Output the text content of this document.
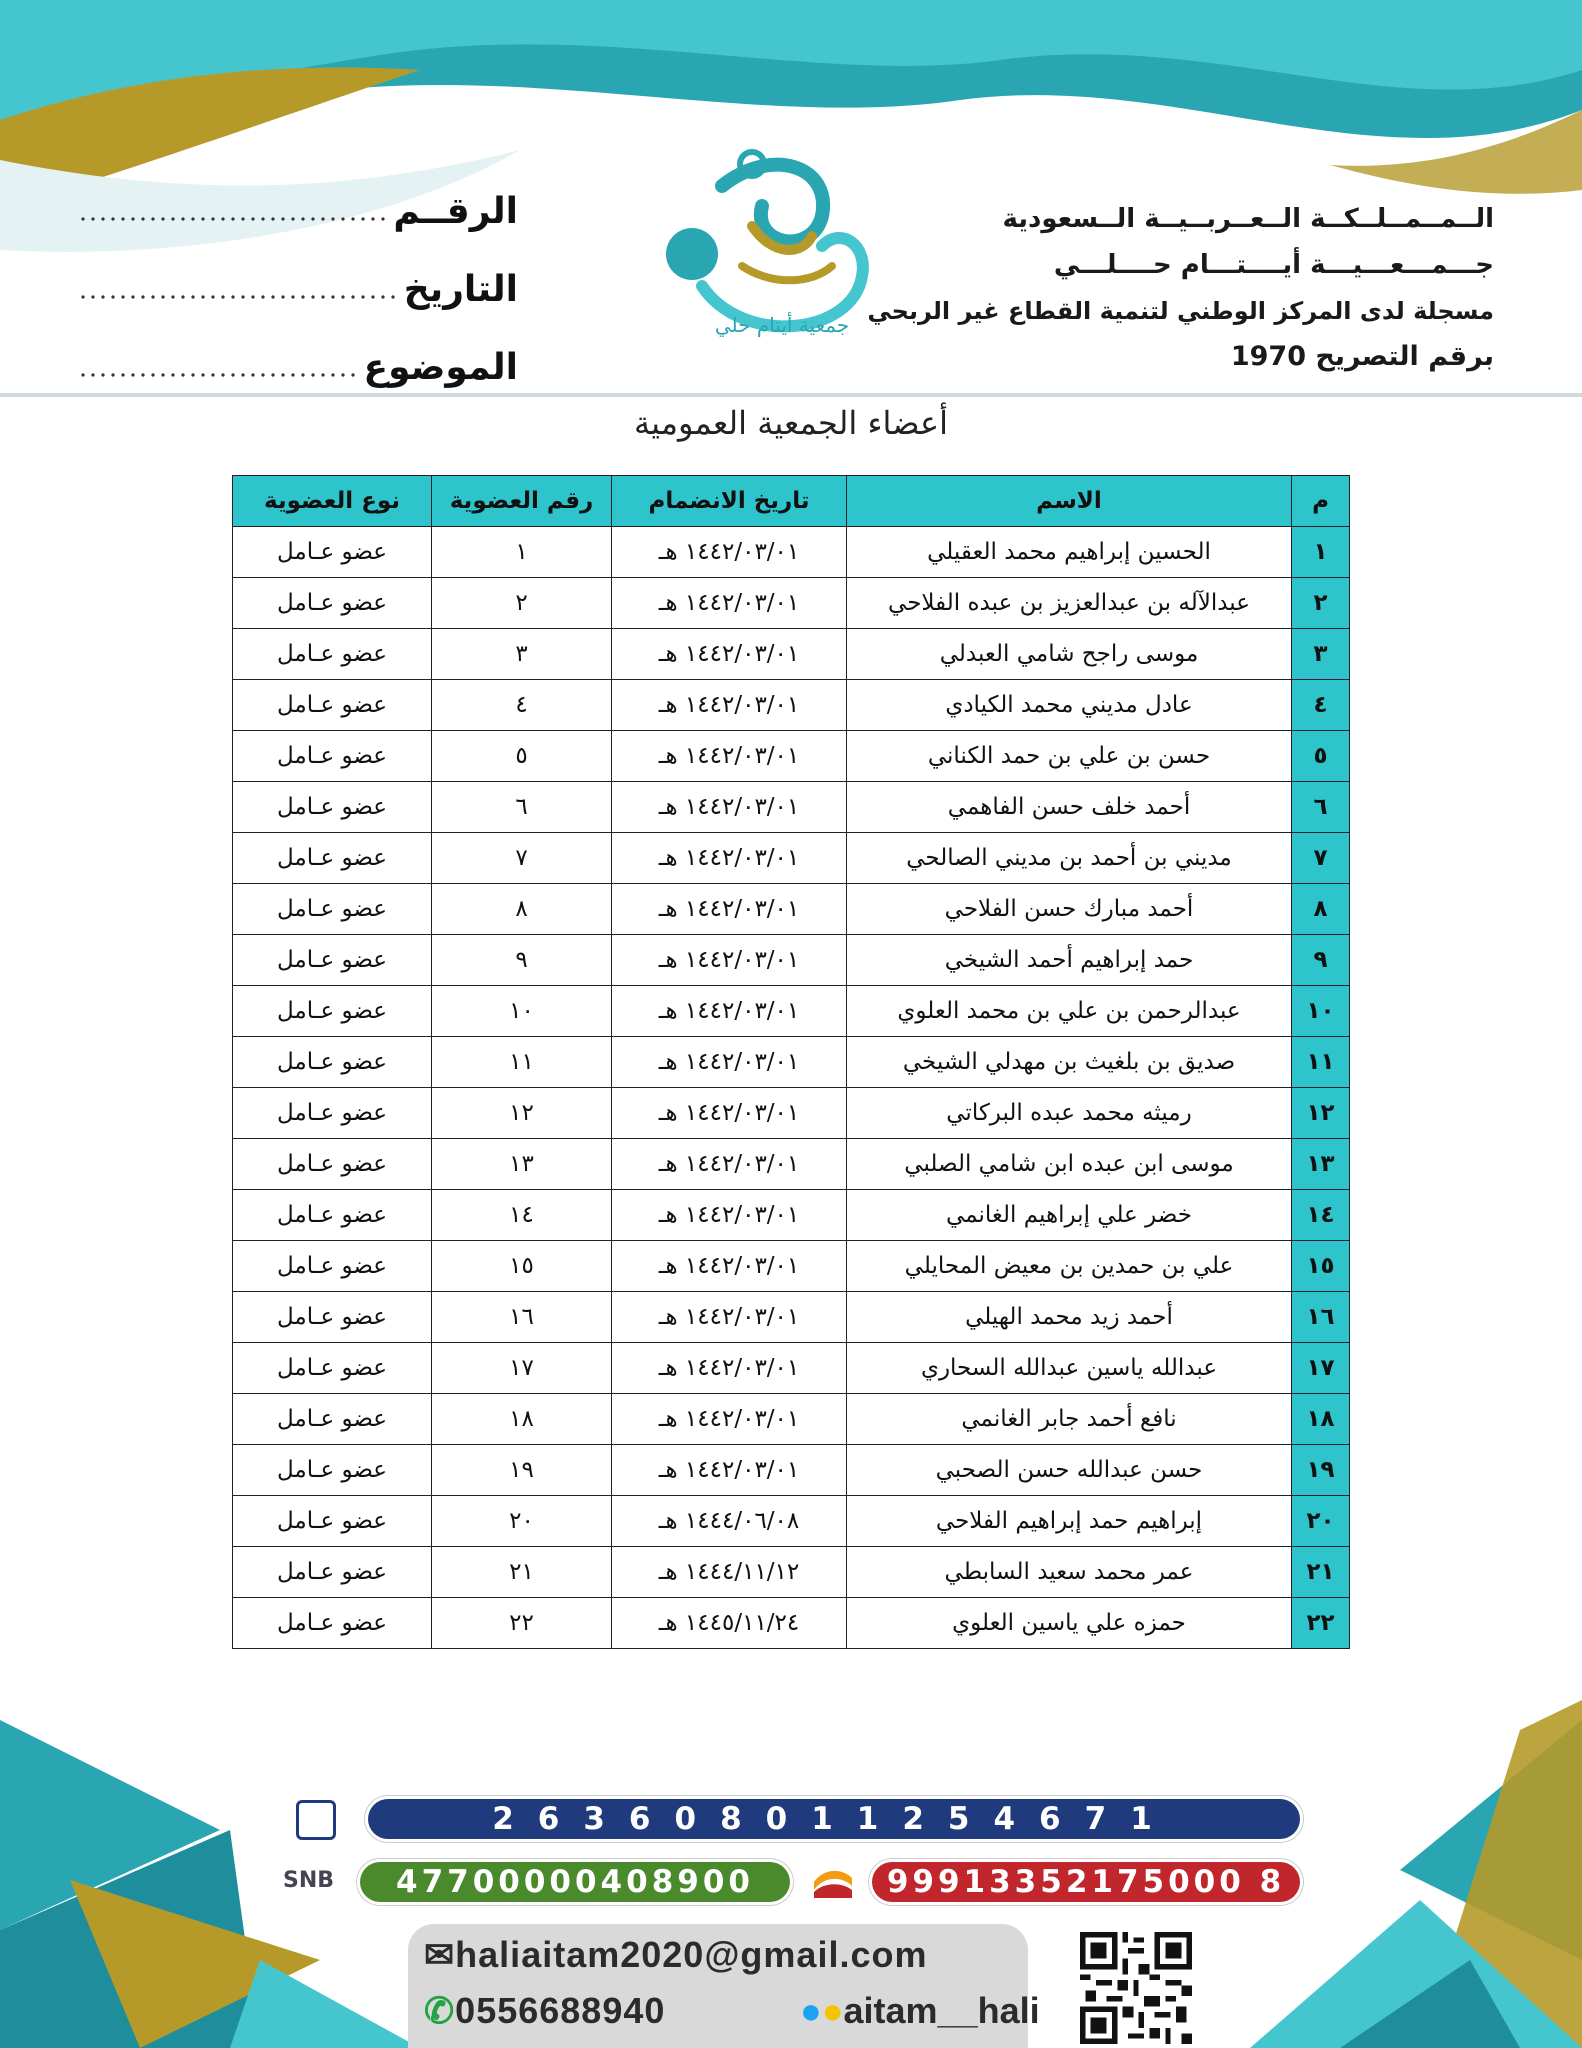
الــمــمــلــكــة الــعــربــيــة الــسعودية
جـــمـــعـــيـــة أيــــتـــام حــــلـــي
مسجلة لدى المركز الوطني لتنمية القطاع غير الربحي
برقم التصريح 1970
جمعية أيتام حلي
الرقــم
التاريخ
الموضوع
أعضاء الجمعية العمومية
م	الاسم	تاريخ الانضمام	رقم العضوية	نوع العضوية
١	الحسين إبراهيم محمد العقيلي	١٤٤٢/٠٣/٠١ هـ	١	عضو عـامل
٢	عبدالآله بن عبدالعزيز بن عبده الفلاحي	١٤٤٢/٠٣/٠١ هـ	٢	عضو عـامل
٣	موسى راجح شامي العبدلي	١٤٤٢/٠٣/٠١ هـ	٣	عضو عـامل
٤	عادل مديني محمد الكيادي	١٤٤٢/٠٣/٠١ هـ	٤	عضو عـامل
٥	حسن بن علي بن حمد الكناني	١٤٤٢/٠٣/٠١ هـ	٥	عضو عـامل
٦	أحمد خلف حسن الفاهمي	١٤٤٢/٠٣/٠١ هـ	٦	عضو عـامل
٧	مديني بن أحمد بن مديني الصالحي	١٤٤٢/٠٣/٠١ هـ	٧	عضو عـامل
٨	أحمد مبارك حسن الفلاحي	١٤٤٢/٠٣/٠١ هـ	٨	عضو عـامل
٩	حمد إبراهيم أحمد الشيخي	١٤٤٢/٠٣/٠١ هـ	٩	عضو عـامل
١٠	عبدالرحمن بن علي بن محمد العلوي	١٤٤٢/٠٣/٠١ هـ	١٠	عضو عـامل
١١	صديق بن بلغيث بن مهدلي الشيخي	١٤٤٢/٠٣/٠١ هـ	١١	عضو عـامل
١٢	رميثه محمد عبده البركاتي	١٤٤٢/٠٣/٠١ هـ	١٢	عضو عـامل
١٣	موسى ابن عبده ابن شامي الصلبي	١٤٤٢/٠٣/٠١ هـ	١٣	عضو عـامل
١٤	خضر علي إبراهيم الغانمي	١٤٤٢/٠٣/٠١ هـ	١٤	عضو عـامل
١٥	علي بن حمدين بن معيض المحايلي	١٤٤٢/٠٣/٠١ هـ	١٥	عضو عـامل
١٦	أحمد زيد محمد الهيلي	١٤٤٢/٠٣/٠١ هـ	١٦	عضو عـامل
١٧	عبدالله ياسين عبدالله السحاري	١٤٤٢/٠٣/٠١ هـ	١٧	عضو عـامل
١٨	نافع أحمد جابر الغانمي	١٤٤٢/٠٣/٠١ هـ	١٨	عضو عـامل
١٩	حسن عبدالله حسن الصحبي	١٤٤٢/٠٣/٠١ هـ	١٩	عضو عـامل
٢٠	إبراهيم حمد إبراهيم الفلاحي	١٤٤٤/٠٦/٠٨ هـ	٢٠	عضو عـامل
٢١	عمر محمد سعيد السابطي	١٤٤٤/١١/١٢ هـ	٢١	عضو عـامل
٢٢	حمزه علي ياسين العلوي	١٤٤٥/١١/٢٤ هـ	٢٢	عضو عـامل
263608011254671
SNB	47700000408900	99913352175000 8
✉haliaitam2020@gmail.com
✆0556688940	●●aitam__hali
